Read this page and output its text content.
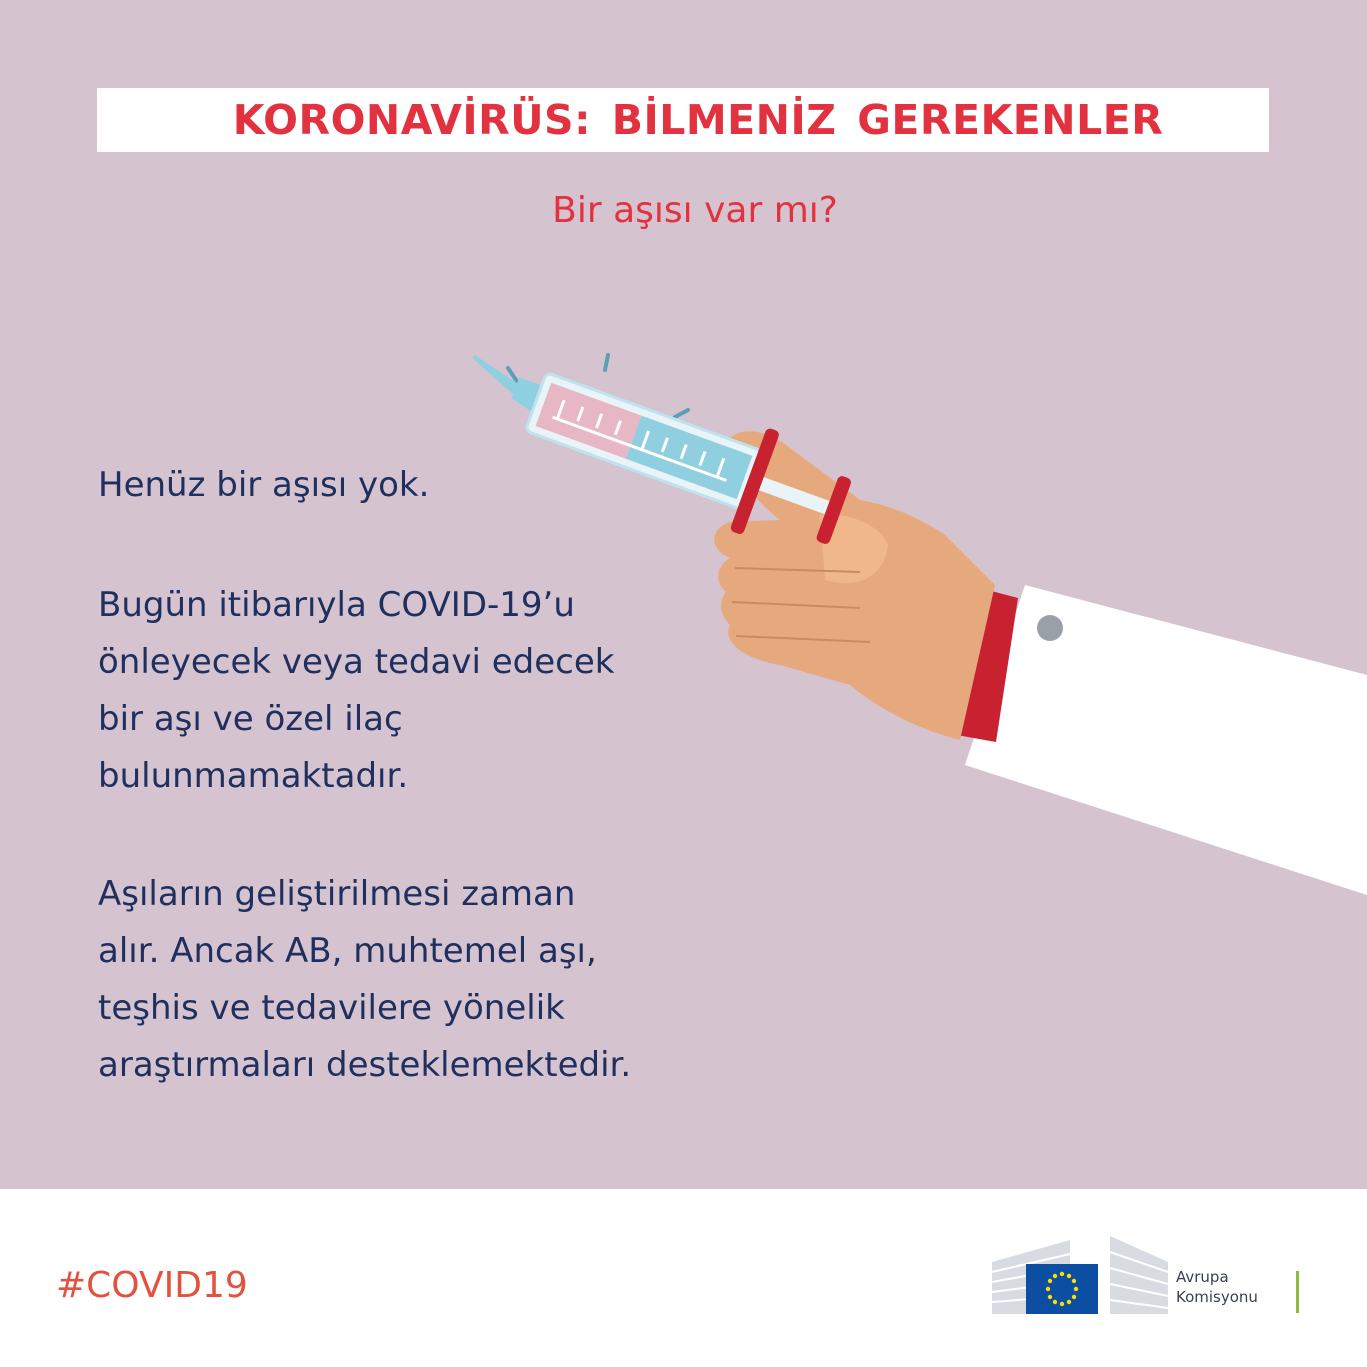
KORONAVİRÜS: BİLMENİZ GEREKENLER
Bir aşısı var mı?
Henüz bir aşısı yok.
Bugün itibarıyla COVID-19’u
önleyecek veya tedavi edecek
bir aşı ve özel ilaç
bulunmamaktadır.
Aşıların geliştirilmesi zaman
alır. Ancak AB, muhtemel aşı,
teşhis ve tedavilere yönelik
araştırmaları desteklemektedir.
#COVID19	Avrupa
Komisyonu
